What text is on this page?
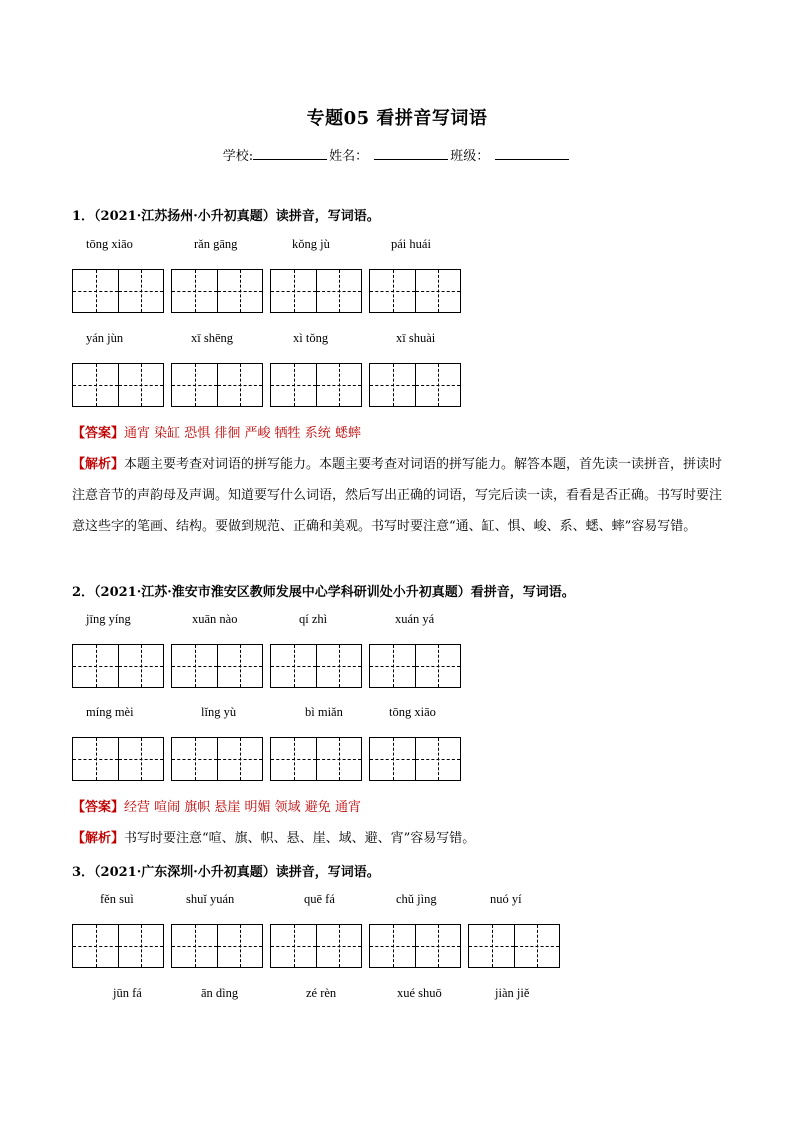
专题05 看拼音写词语
学校:	姓名：	班级：
1．（2021·江苏扬州·小升初真题）读拼音，写词语。
tōng xiāo	rǎn gāng	kǒng jù	pái huái
yán jùn	xī shēng	xì tǒng	xī shuài
【答案】通宵 染缸 恐惧 徘徊 严峻 牺牲 系统 蟋蟀
【解析】本题主要考查对词语的拼写能力。本题主要考查对词语的拼写能力。解答本题，首先读一读拼音，拼读时注意音节的声韵母及声调。知道要写什么词语，然后写出正确的词语，写完后读一读，看看是否正确。书写时要注意这些字的笔画、结构。要做到规范、正确和美观。书写时要注意“通、缸、惧、峻、系、蟋、蟀”容易写错。
2．（2021·江苏·淮安市淮安区教师发展中心学科研训处小升初真题）看拼音，写词语。
jīng yíng	xuān nào	qí zhì	xuán yá
míng mèi	lǐng yù	bì miǎn	tōng xiāo
【答案】经营 喧闹 旗帜 悬崖 明媚 领域 避免 通宵
【解析】书写时要注意“喧、旗、帜、悬、崖、域、避、宵”容易写错。
3．（2021·广东深圳·小升初真题）读拼音，写词语。
fěn suì	shuǐ yuán	quē fá	chǔ jìng	nuó yí
jūn fá	ān dìng	zé rèn	xué shuō	jiàn jiě
